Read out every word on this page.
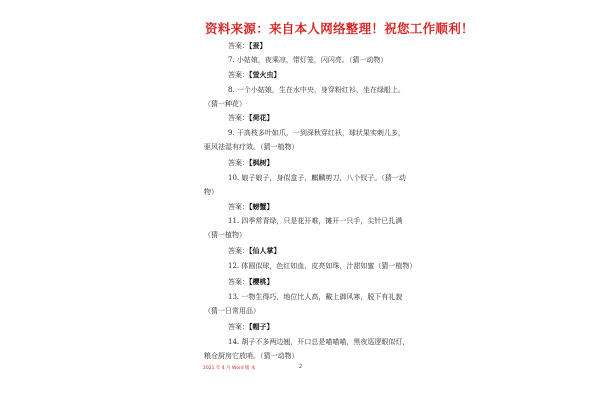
资料来源：来自本人网络整理！祝您工作顺利！
答案：【蚕】
7. 小姑娘，夜乘凉，带灯笼，闪闪亮。（猜一动物）
答案：【萤火虫】
8. 一个小姑娘，生在水中央，身穿粉红衫，坐在绿船上。
（猜一种花）
答案：【荷花】
9. 干高枝多叶如爪，一到深秋穿红袄，球状果实刺儿多，
驱风祛湿有疗效。（猜一植物）
答案：【枫树】
10. 娘子娘子，身似盒子，麒麟剪刀，八个钗子。（猜一动
物）
答案：【螃蟹】
11. 四季常青绿，只是花开难，摊开一只手，尖针已扎满
（猜一植物）
答案：【仙人掌】
12. 体圆似球，色红如血，皮亮如珠，汁甜如蜜（猜一植物）
答案：【樱桃】
13. 一物生得巧，地位比人高，戴上御风寒，脱下有礼貌
（猜一日常用品）
答案：【帽子】
14. 胡子不多两边翘，开口总是喵喵喵，黑夜巡逻眼似灯，
粮仓厨房它放哨。（猜一动物）
2021 年 4 月 Word 版 本	2
